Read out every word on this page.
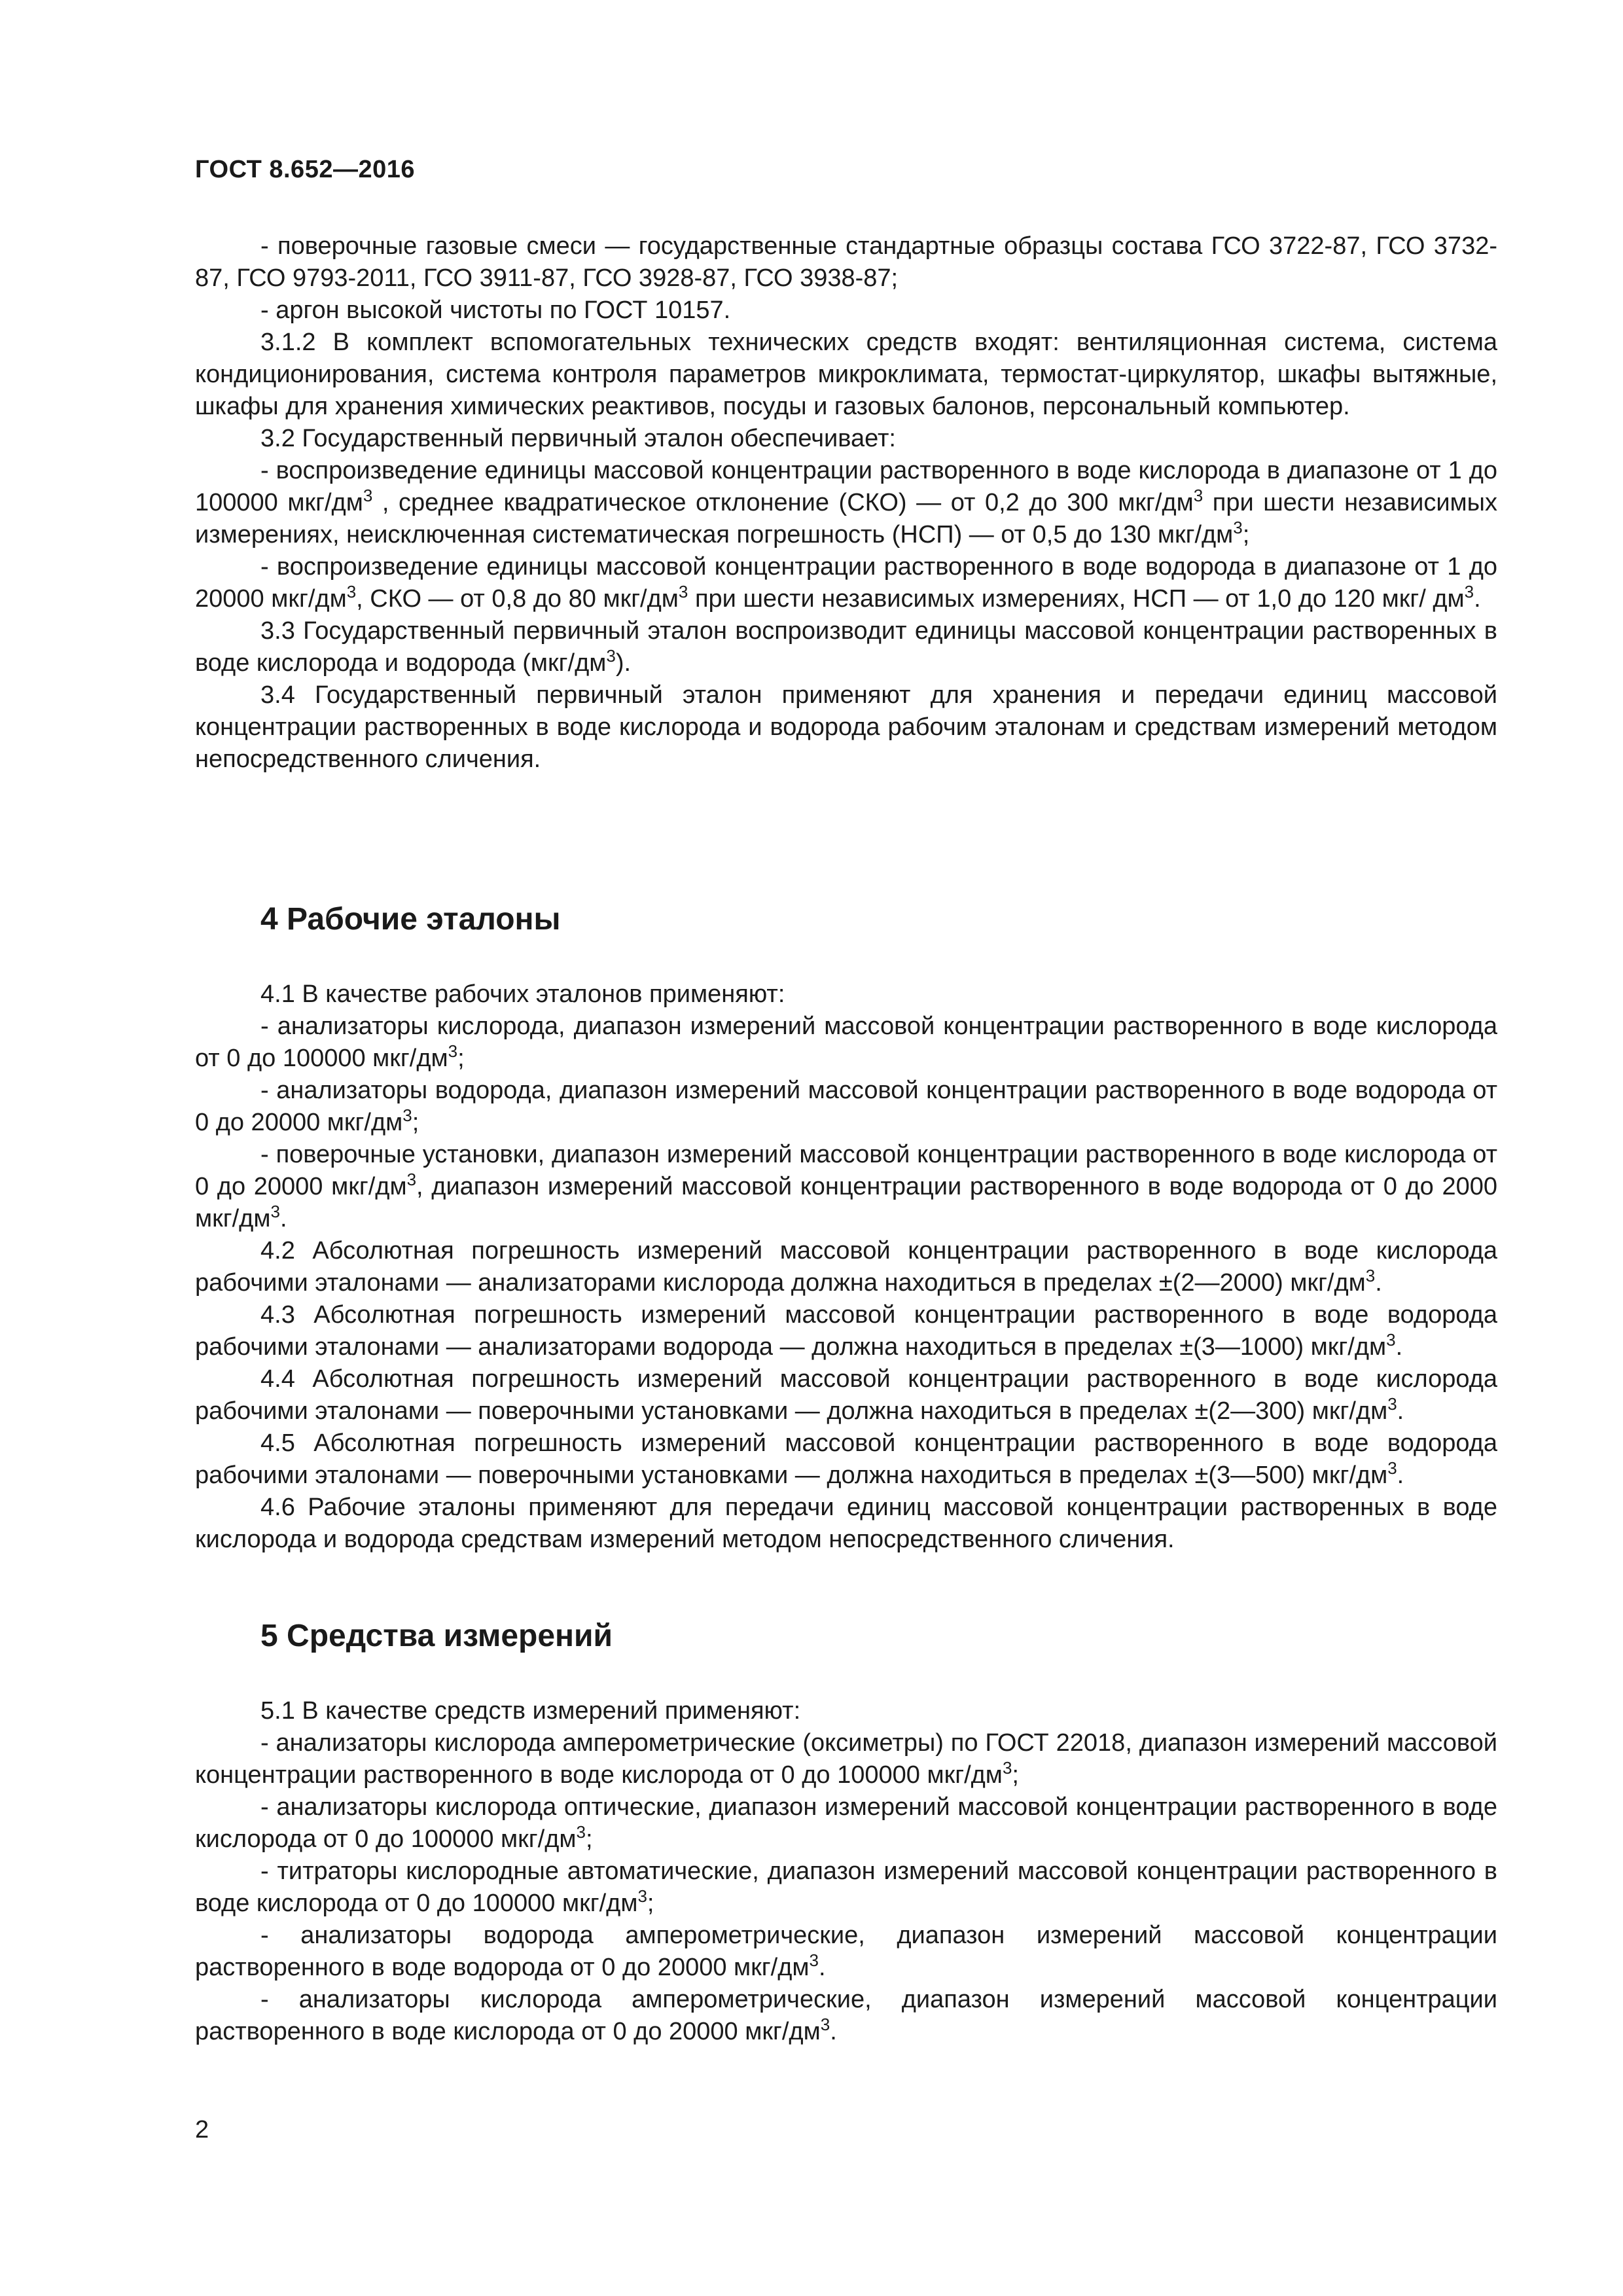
ГОСТ 8.652—2016

- поверочные газовые смеси — государственные стандартные образцы состава ГСО 3722-87, ГСО 3732-87, ГСО 9793-2011, ГСО 3911-87, ГСО 3928-87, ГСО 3938-87;

- аргон высокой чистоты по ГОСТ 10157.

3.1.2 В комплект вспомогательных технических средств входят: вентиляционная система, система кондиционирования, система контроля параметров микроклимата, термостат-циркулятор, шкафы вытяжные, шкафы для хранения химических реактивов, посуды и газовых балонов, персональный компьютер.

3.2 Государственный первичный эталон обеспечивает:

- воспроизведение единицы массовой концентрации растворенного в воде кислорода в диапазоне от 1 до 100000 мкг/$дм^3$ , среднее квадратическое отклонение (СКО) — от 0,2 до 300 мкг/$дм^3$ при шести независимых измерениях, неисключенная систематическая погрешность (НСП) — от 0,5 до 130 мкг/$дм^3$;

- воспроизведение единицы массовой концентрации растворенного в воде водорода в диапазоне от 1 до 20000 мкг/$дм^3$, СКО — от 0,8 до 80 мкг/$дм^3$ при шести независимых измерениях, НСП — от 1,0 до 120 мкг/ $дм^3$.

3.3 Государственный первичный эталон воспроизводит единицы массовой концентрации растворенных в воде кислорода и водорода $(мкг/дм^3)$.

3.4 Государственный первичный эталон применяют для хранения и передачи единиц массовой концентрации растворенных в воде кислорода и водорода рабочим эталонам и средствам измерений методом непосредственного сличения.

4 Рабочие эталоны

4.1 В качестве рабочих эталонов применяют:

- анализаторы кислорода, диапазон измерений массовой концентрации растворенного в воде кислорода от 0 до 100000 мкг/$дм^3$;

- анализаторы водорода, диапазон измерений массовой концентрации растворенного в воде водорода от 0 до 20000 мкг/$дм^3$;

- поверочные установки, диапазон измерений массовой концентрации растворенного в воде кислорода от 0 до 20000 мкг/$дм^3$, диапазон измерений массовой концентрации растворенного в воде водорода от 0 до 2000 мкг/$дм^3$.

4.2 Абсолютная погрешность измерений массовой концентрации растворенного в воде кислорода рабочими эталонами — анализаторами кислорода должна находиться в пределах ±(2—2000) мкг/$дм^3$.

4.3 Абсолютная погрешность измерений массовой концентрации растворенного в воде водорода рабочими эталонами — анализаторами водорода — должна находиться в пределах ±(3—1000) мкг/$дм^3$.

4.4 Абсолютная погрешность измерений массовой концентрации растворенного в воде кислорода рабочими эталонами — поверочными установками — должна находиться в пределах ±(2—300) мкг/$дм^3$.

4.5 Абсолютная погрешность измерений массовой концентрации растворенного в воде водорода рабочими эталонами — поверочными установками — должна находиться в пределах ±(3—500) мкг/$дм^3$.

4.6 Рабочие эталоны применяют для передачи единиц массовой концентрации растворенных в воде кислорода и водорода средствам измерений методом непосредственного сличения.

5 Средства измерений

5.1 В качестве средств измерений применяют:

- анализаторы кислорода амперометрические (оксиметры) по ГОСТ 22018, диапазон измерений массовой концентрации растворенного в воде кислорода от 0 до 100000 мкг/$дм^3$;

- анализаторы кислорода оптические, диапазон измерений массовой концентрации растворенного в воде кислорода от 0 до 100000 мкг/$дм^3$;

- титраторы кислородные автоматические, диапазон измерений массовой концентрации растворенного в воде кислорода от 0 до 100000 мкг/$дм^3$;

- анализаторы водорода амперометрические, диапазон измерений массовой концентрации растворенного в воде водорода от 0 до 20000 мкг/$дм^3$.

- анализаторы кислорода амперометрические, диапазон измерений массовой концентрации растворенного в воде кислорода от 0 до 20000 мкг/$дм^3$.

2
